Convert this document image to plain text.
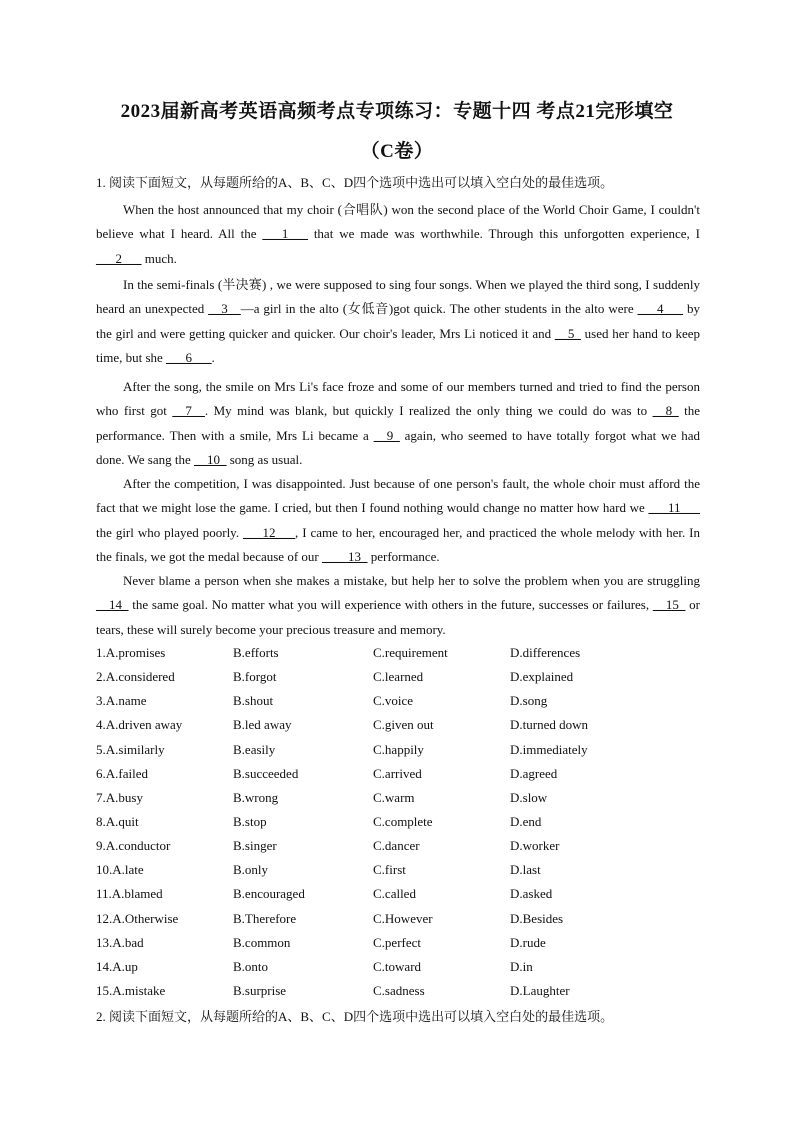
2023届新高考英语高频考点专项练习：专题十四 考点21完形填空
（C卷）
1. 阅读下面短文，从每题所给的A、B、C、D四个选项中选出可以填入空白处的最佳选项。
When the host announced that my choir (合唱队) won the second place of the World Choir Game, I couldn't believe what I heard. All the ___1___ that we made was worthwhile. Through this unforgotten experience, I ___2___ much.
In the semi-finals (半决赛) , we were supposed to sing four songs. When we played the third song, I suddenly heard an unexpected __3__—a girl in the alto (女低音)got quick. The other students in the alto were ___4___ by the girl and were getting quicker and quicker. Our choir's leader, Mrs Li noticed it and __5_ used her hand to keep time, but she ___6___.
After the song, the smile on Mrs Li's face froze and some of our members turned and tried to find the person who first got __7__. My mind was blank, but quickly I realized the only thing we could do was to __8_ the performance. Then with a smile, Mrs Li became a __9_ again, who seemed to have totally forgot what we had done. We sang the __10_ song as usual.
After the competition, I was disappointed. Just because of one person's fault, the whole choir must afford the fact that we might lose the game. I cried, but then I found nothing would change no matter how hard we ___11___ the girl who played poorly. ___12___, I came to her, encouraged her, and practiced the whole melody with her. In the finals, we got the medal because of our ____13_ performance.
Never blame a person when she makes a mistake, but help her to solve the problem when you are struggling __14_ the same goal. No matter what you will experience with others in the future, successes or failures, __15_ or tears, these will surely become your precious treasure and memory.
1.A.promises	B.efforts	C.requirement	D.differences
2.A.considered	B.forgot	C.learned	D.explained
3.A.name	B.shout	C.voice	D.song
4.A.driven away	B.led away	C.given out	D.turned down
5.A.similarly	B.easily	C.happily	D.immediately
6.A.failed	B.succeeded	C.arrived	D.agreed
7.A.busy	B.wrong	C.warm	D.slow
8.A.quit	B.stop	C.complete	D.end
9.A.conductor	B.singer	C.dancer	D.worker
10.A.late	B.only	C.first	D.last
11.A.blamed	B.encouraged	C.called	D.asked
12.A.Otherwise	B.Therefore	C.However	D.Besides
13.A.bad	B.common	C.perfect	D.rude
14.A.up	B.onto	C.toward	D.in
15.A.mistake	B.surprise	C.sadness	D.Laughter
2. 阅读下面短文，从每题所给的A、B、C、D四个选项中选出可以填入空白处的最佳选项。
